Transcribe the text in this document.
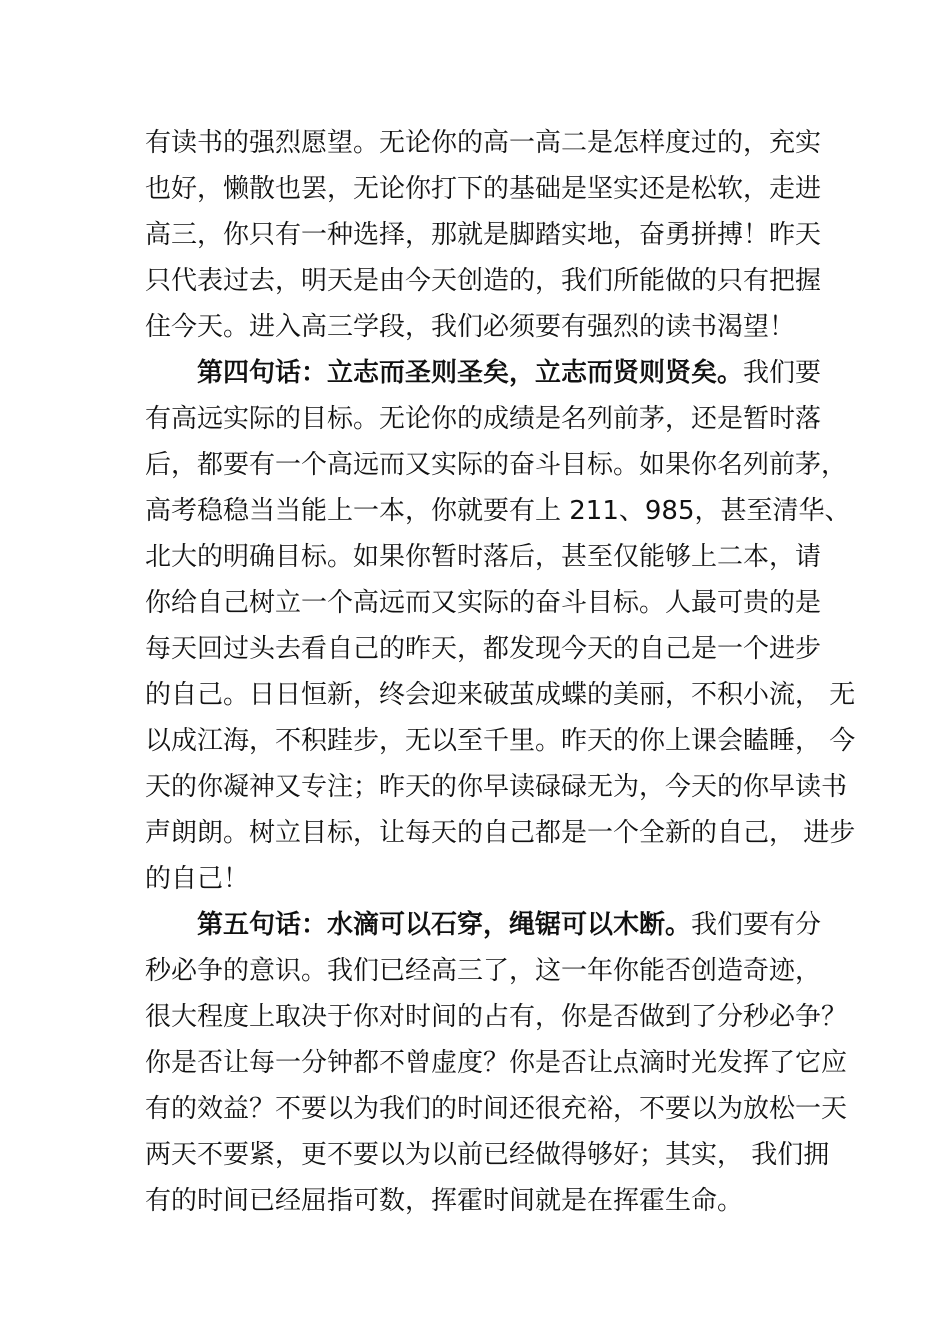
有读书的强烈愿望。无论你的高一高二是怎样度过的，充实
也好，懒散也罢，无论你打下的基础是坚实还是松软，走进
高三，你只有一种选择，那就是脚踏实地，奋勇拼搏！昨天
只代表过去，明天是由今天创造的，我们所能做的只有把握
住今天。进入高三学段，我们必须要有强烈的读书渴望！
第四句话：立志而圣则圣矣，立志而贤则贤矣。我们要
有高远实际的目标。无论你的成绩是名列前茅，还是暂时落
后，都要有一个高远而又实际的奋斗目标。如果你名列前茅，
高考稳稳当当能上一本，你就要有上 211、985，甚至清华、
北大的明确目标。如果你暂时落后，甚至仅能够上二本，请
你给自己树立一个高远而又实际的奋斗目标。人最可贵的是
每天回过头去看自己的昨天，都发现今天的自己是一个进步
的自己。日日恒新，终会迎来破茧成蝶的美丽，不积小流， 无
以成江海，不积跬步，无以至千里。昨天的你上课会瞌睡， 今
天的你凝神又专注；昨天的你早读碌碌无为，今天的你早读书
声朗朗。树立目标，让每天的自己都是一个全新的自己， 进步
的自己！
第五句话：水滴可以石穿，绳锯可以木断。我们要有分
秒必争的意识。我们已经高三了，这一年你能否创造奇迹，
很大程度上取决于你对时间的占有，你是否做到了分秒必争？
你是否让每一分钟都不曾虚度？你是否让点滴时光发挥了它应
有的效益？不要以为我们的时间还很充裕，不要以为放松一天
两天不要紧，更不要以为以前已经做得够好；其实， 我们拥
有的时间已经屈指可数，挥霍时间就是在挥霍生命。
